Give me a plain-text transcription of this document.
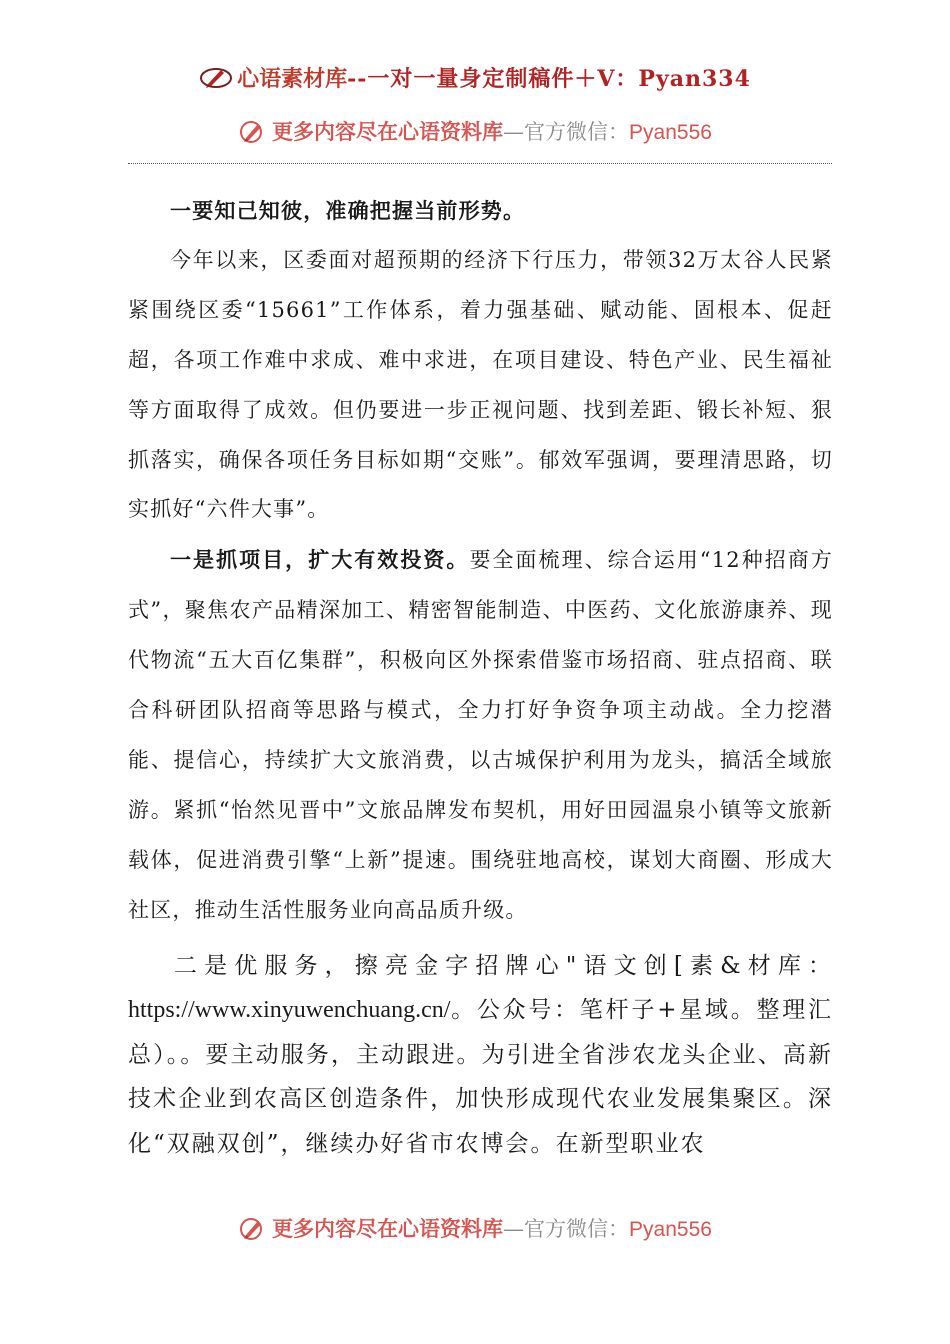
心语素材库--一对一量身定制稿件＋V：Pyan334
更多内容尽在心语资料库—官方微信：Pyan556

一要知己知彼，准确把握当前形势。

今年以来，区委面对超预期的经济下行压力，带领32万太谷人民紧紧围绕区委“15661”工作体系，着力强基础、赋动能、固根本、促赶超，各项工作难中求成、难中求进，在项目建设、特色产业、民生福祉等方面取得了成效。但仍要进一步正视问题、找到差距、锻长补短、狠抓落实，确保各项任务目标如期“交账”。郁效军强调，要理清思路，切实抓好“六件大事”。

一是抓项目，扩大有效投资。要全面梳理、综合运用“12种招商方式”，聚焦农产品精深加工、精密智能制造、中医药、文化旅游康养、现代物流“五大百亿集群”，积极向区外探索借鉴市场招商、驻点招商、联合科研团队招商等思路与模式，全力打好争资争项主动战。全力挖潜能、提信心，持续扩大文旅消费，以古城保护利用为龙头，搞活全域旅游。紧抓“怡然见晋中”文旅品牌发布契机，用好田园温泉小镇等文旅新载体，促进消费引擎“上新”提速。围绕驻地高校，谋划大商圈、形成大社区，推动生活性服务业向高品质升级。

二是优服务，擦亮金字招牌心"语文创[素&材库：https://www.xinyuwenchuang.cn/。公众号：笔杆子+星域。整理汇总）。。要主动服务，主动跟进。为引进全省涉农龙头企业、高新技术企业到农高区创造条件，加快形成现代农业发展集聚区。深化“双融双创”，继续办好省市农博会。在新型职业农

更多内容尽在心语资料库—官方微信：Pyan556
